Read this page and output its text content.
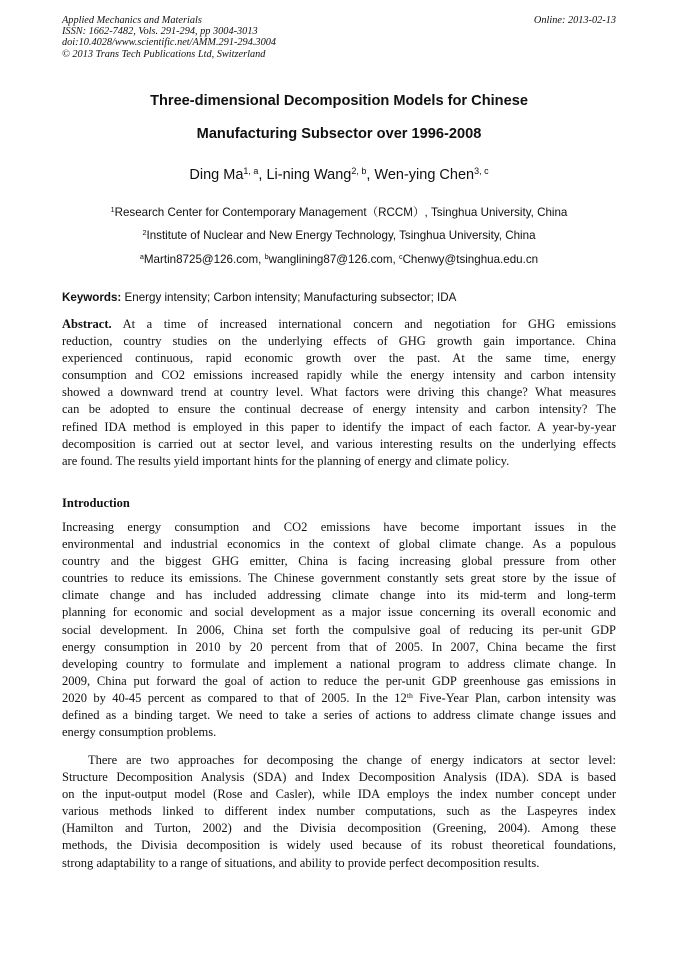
Applied Mechanics and Materials
ISSN: 1662-7482, Vols. 291-294, pp 3004-3013
doi:10.4028/www.scientific.net/AMM.291-294.3004
© 2013 Trans Tech Publications Ltd, Switzerland
Online: 2013-02-13
Three-dimensional Decomposition Models for Chinese
Manufacturing Subsector over 1996-2008
Ding Ma$^{1, a}$, Li-ning Wang$^{2, b}$, Wen-ying Chen$^{3, c}$
$^1$Research Center for Contemporary Management（RCCM）, Tsinghua University, China
$^2$Institute of Nuclear and New Energy Technology, Tsinghua University, China
$^a$Martin8725@126.com, $^b$wanglining87@126.com, $^c$Chenwy@tsinghua.edu.cn
Keywords: Energy intensity; Carbon intensity; Manufacturing subsector; IDA
Abstract. At a time of increased international concern and negotiation for GHG emissions
reduction, country studies on the underlying effects of GHG growth gain importance. China
experienced continuous, rapid economic growth over the past. At the same time, energy
consumption and CO2 emissions increased rapidly while the energy intensity and carbon intensity
showed a downward trend at country level. What factors were driving this change? What measures
can be adopted to ensure the continual decrease of energy intensity and carbon intensity? The
refined IDA method is employed in this paper to identify the impact of each factor. A year-by-year
decomposition is carried out at sector level, and various interesting results on the underlying effects
are found. The results yield important hints for the planning of energy and climate policy.
Introduction
Increasing energy consumption and CO2 emissions have become important issues in the
environmental and industrial economics in the context of global climate change. As a populous
country and the biggest GHG emitter, China is facing increasing global pressure from other
countries to reduce its emissions. The Chinese government constantly sets great store by the issue of
climate change and has included addressing climate change into its mid-term and long-term
planning for economic and social development as a major issue concerning its overall economic and
social development. In 2006, China set forth the compulsive goal of reducing its per-unit GDP
energy consumption in 2010 by 20 percent from that of 2005. In 2007, China became the first
developing country to formulate and implement a national program to address climate change. In
2009, China put forward the goal of action to reduce the per-unit GDP greenhouse gas emissions in
2020 by 40-45 percent as compared to that of 2005. In the 12th Five-Year Plan, carbon intensity was
defined as a binding target. We need to take a series of actions to address climate change issues and
energy consumption problems.
There are two approaches for decomposing the change of energy indicators at sector level:
Structure Decomposition Analysis (SDA) and Index Decomposition Analysis (IDA). SDA is based
on the input-output model (Rose and Casler), while IDA employs the index number concept under
various methods linked to different index number computations, such as the Laspeyres index
(Hamilton and Turton, 2002) and the Divisia decomposition (Greening, 2004). Among these
methods, the Divisia decomposition is widely used because of its robust theoretical foundations,
strong adaptability to a range of situations, and ability to provide perfect decomposition results.
